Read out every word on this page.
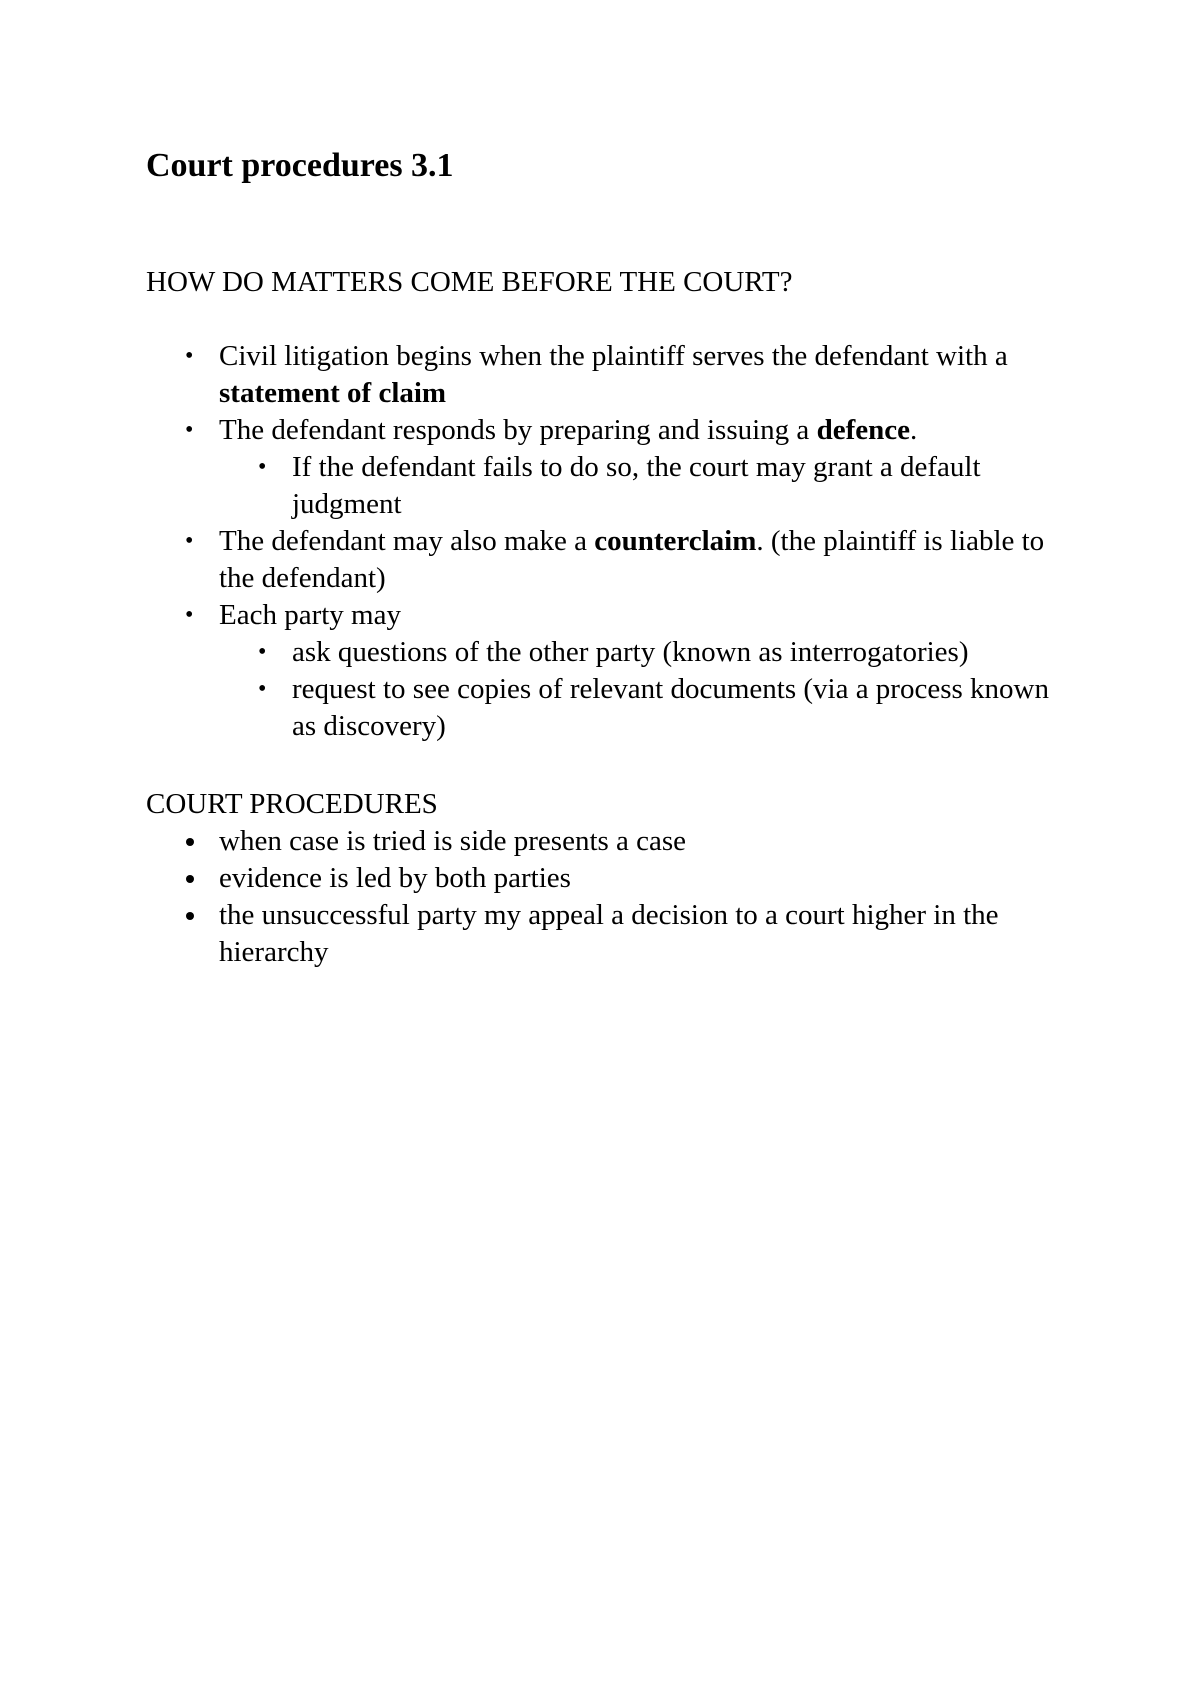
Court procedures 3.1
HOW DO MATTERS COME BEFORE THE COURT?
• Civil litigation begins when the plaintiff serves the defendant with a statement of claim
• The defendant responds by preparing and issuing a defence.
• If the defendant fails to do so, the court may grant a default judgment
• The defendant may also make a counterclaim. (the plaintiff is liable to the defendant)
• Each party may
• ask questions of the other party (known as interrogatories)
• request to see copies of relevant documents (via a process known as discovery)
COURT PROCEDURES
when case is tried is side presents a case
evidence is led by both parties
the unsuccessful party my appeal a decision to a court higher in the hierarchy
